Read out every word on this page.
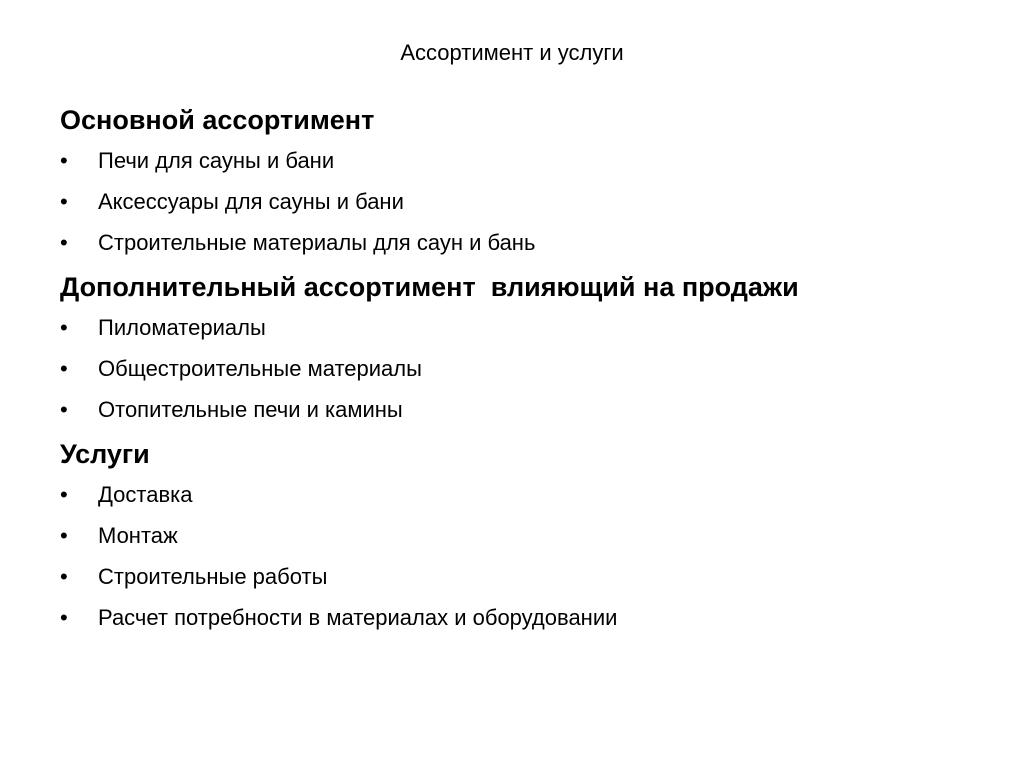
Ассортимент и услуги
Основной ассортимент
• Печи для сауны и бани
• Аксессуары для сауны и бани
• Строительные материалы для саун и бань
Дополнительный ассортимент  влияющий на продажи
• Пиломатериалы
• Общестроительные материалы
• Отопительные печи и камины
Услуги
• Доставка
• Монтаж
• Строительные работы
• Расчет потребности в материалах и оборудовании
